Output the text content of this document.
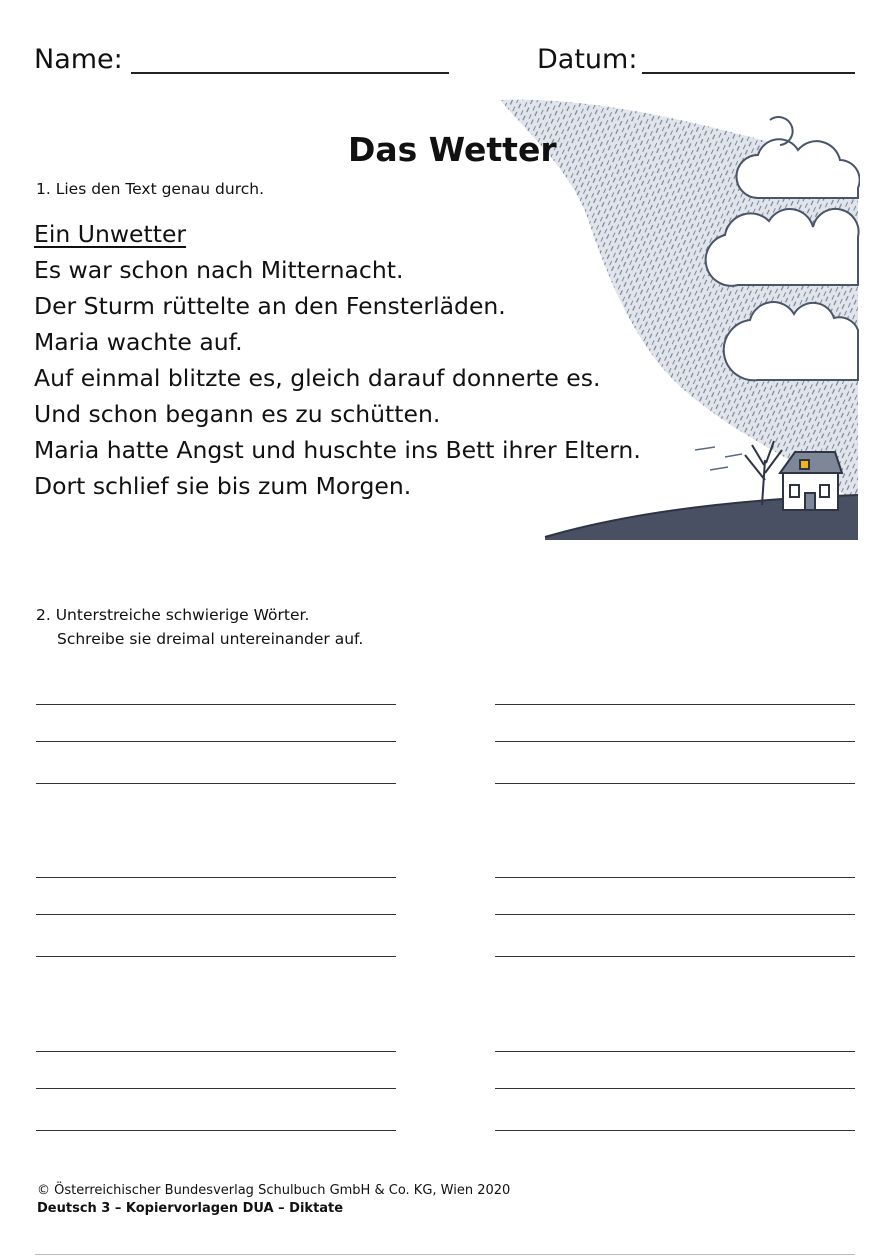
Name:	Datum:
Das Wetter
1. Lies den Text genau durch.
Ein Unwetter
Es war schon nach Mitternacht.
Der Sturm rüttelte an den Fensterläden.
Maria wachte auf.
Auf einmal blitzte es, gleich darauf donnerte es.
Und schon begann es zu schütten.
Maria hatte Angst und huschte ins Bett ihrer Eltern.
Dort schlief sie bis zum Morgen.
2. Unterstreiche schwierige Wörter.
Schreibe sie dreimal untereinander auf.
© Österreichischer Bundesverlag Schulbuch GmbH & Co. KG, Wien 2020
Deutsch 3 – Kopiervorlagen DUA – Diktate
